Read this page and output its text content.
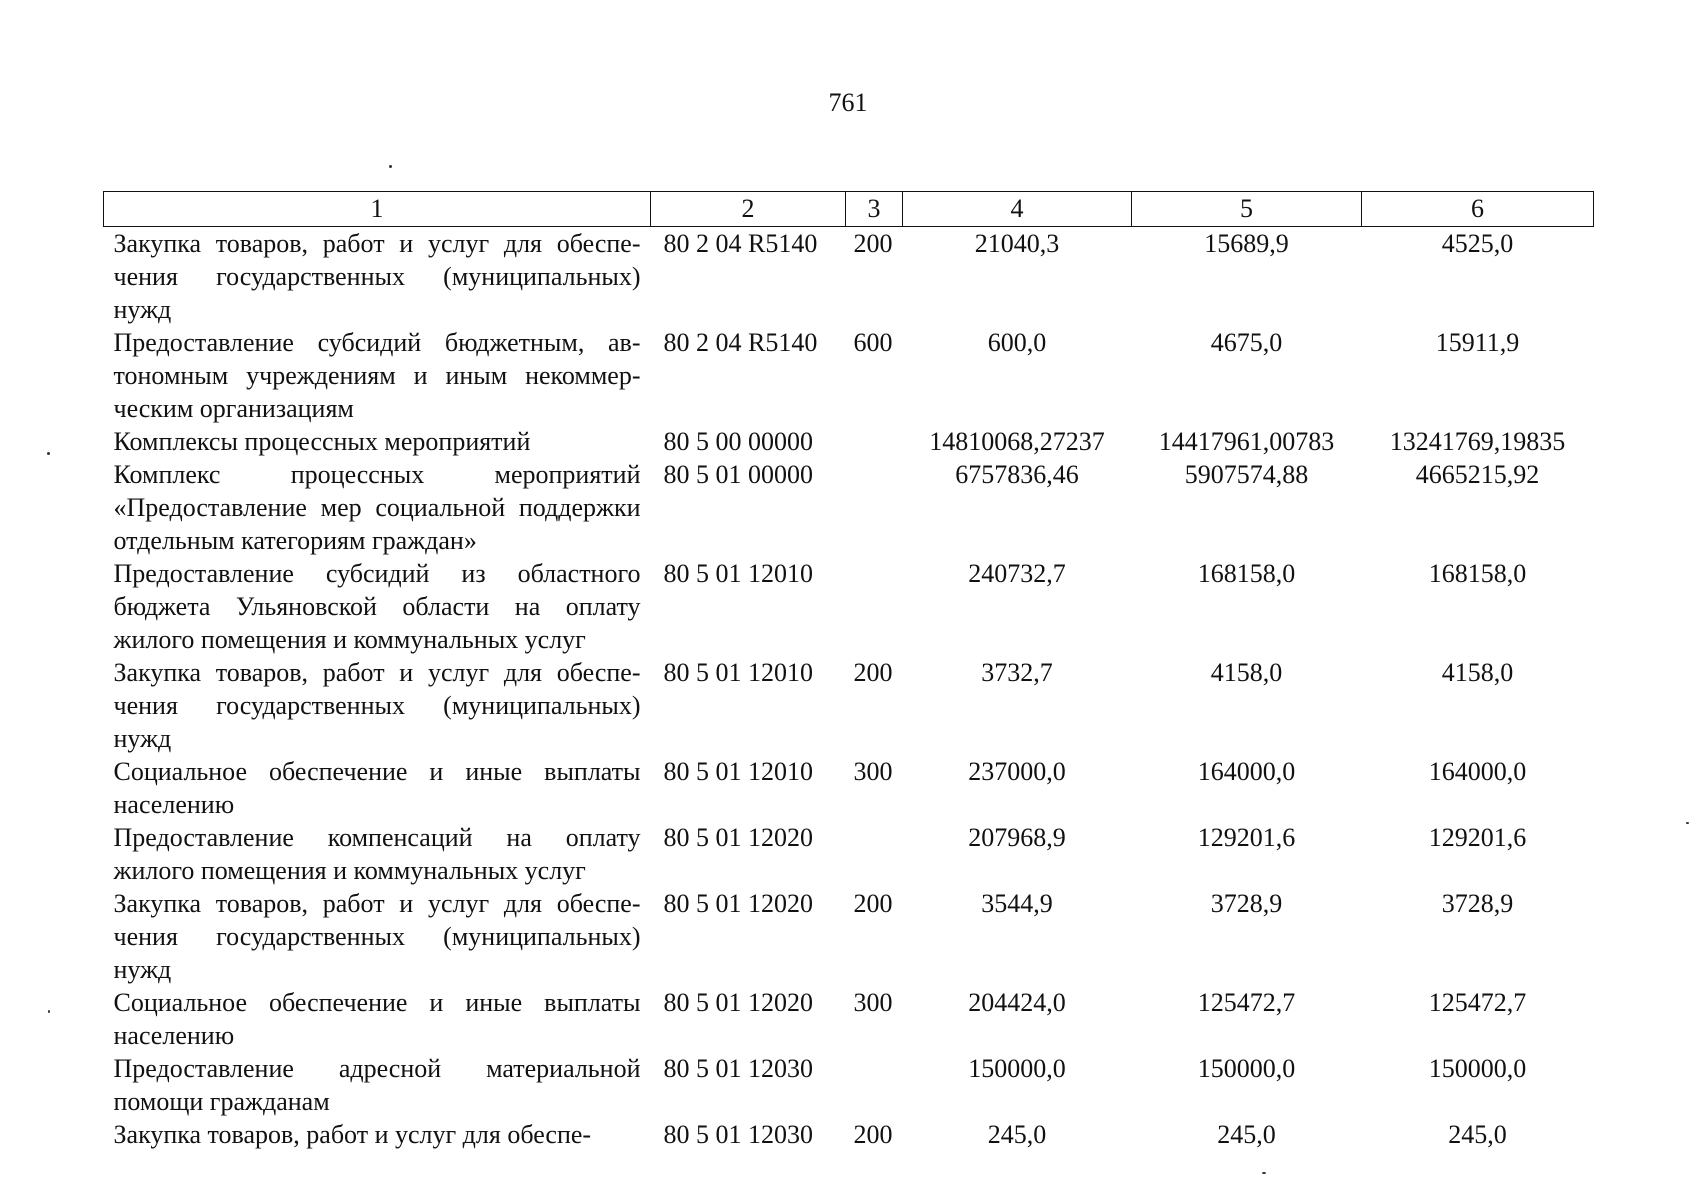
761
1	2	3	4	5	6
Закупка товаров, работ и услуг для обеспечения государственных (муниципальных) нужд	80 2 04 R5140	200	21040,3	15689,9	4525,0
Предоставление субсидий бюджетным, автономным учреждениям и иным некоммерческим организациям	80 2 04 R5140	600	600,0	4675,0	15911,9
Комплексы процессных мероприятий	80 5 00 00000		14810068,27237	14417961,00783	13241769,19835
Комплекс процессных мероприятий «Предоставление мер социальной поддержки отдельным категориям граждан»	80 5 01 00000		6757836,46	5907574,88	4665215,92
Предоставление субсидий из областного бюджета Ульяновской области на оплату жилого помещения и коммунальных услуг	80 5 01 12010		240732,7	168158,0	168158,0
Закупка товаров, работ и услуг для обеспечения государственных (муниципальных) нужд	80 5 01 12010	200	3732,7	4158,0	4158,0
Социальное обеспечение и иные выплаты населению	80 5 01 12010	300	237000,0	164000,0	164000,0
Предоставление компенсаций на оплату жилого помещения и коммунальных услуг	80 5 01 12020		207968,9	129201,6	129201,6
Закупка товаров, работ и услуг для обеспечения государственных (муниципальных) нужд	80 5 01 12020	200	3544,9	3728,9	3728,9
Социальное обеспечение и иные выплаты населению	80 5 01 12020	300	204424,0	125472,7	125472,7
Предоставление адресной материальной помощи гражданам	80 5 01 12030		150000,0	150000,0	150000,0
Закупка товаров, работ и услуг для обеспе-	80 5 01 12030	200	245,0	245,0	245,0
